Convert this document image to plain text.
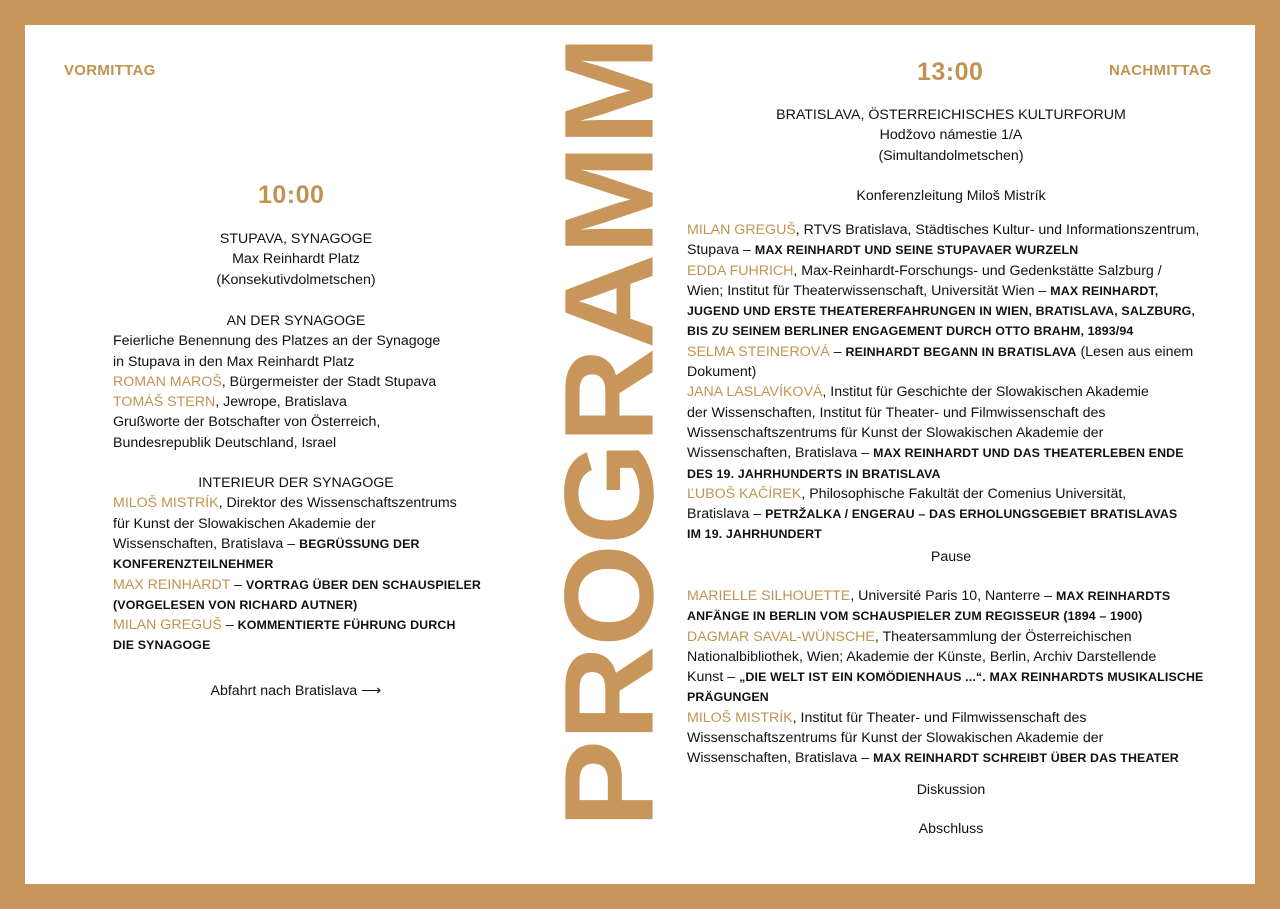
VORMITTAG
10:00
STUPAVA, SYNAGOGE
Max Reinhardt Platz
(Konsekutivdolmetschen)
AN DER SYNAGOGE
Feierliche Benennung des Platzes an der Synagoge
in Stupava in den Max Reinhardt Platz
ROMAN MAROŠ, Bürgermeister der Stadt Stupava
TOMÁŠ STERN, Jewrope, Bratislava
Grußworte der Botschafter von Österreich,
Bundesrepublik Deutschland, Israel
INTERIEUR DER SYNAGOGE
MILOŠ MISTRÍK, Direktor des Wissenschaftszentrums
für Kunst der Slowakischen Akademie der
Wissenschaften, Bratislava – BEGRÜSSUNG DER
KONFERENZTEILNEHMER
MAX REINHARDT – VORTRAG ÜBER DEN SCHAUSPIELER
(VORGELESEN VON RICHARD AUTNER)
MILAN GREGUŠ – KOMMENTIERTE FÜHRUNG DURCH
DIE SYNAGOGE
Abfahrt nach Bratislava ⟶	PROGRAMM	13:00	NACHMITTAG
BRATISLAVA, ÖSTERREICHISCHES KULTURFORUM
Hodžovo námestie 1/A
(Simultandolmetschen)
Konferenzleitung Miloš Mistrík
MILAN GREGUŠ, RTVS Bratislava, Städtisches Kultur- und Informationszentrum,
Stupava – MAX REINHARDT UND SEINE STUPAVAER WURZELN
EDDA FUHRICH, Max-Reinhardt-Forschungs- und Gedenkstätte Salzburg /
Wien; Institut für Theaterwissenschaft, Universität Wien – MAX REINHARDT,
JUGEND UND ERSTE THEATERERFAHRUNGEN IN WIEN, BRATISLAVA, SALZBURG,
BIS ZU SEINEM BERLINER ENGAGEMENT DURCH OTTO BRAHM, 1893/94
SELMA STEINEROVÁ – REINHARDT BEGANN IN BRATISLAVA (Lesen aus einem
Dokument)
JANA LASLAVÍKOVÁ, Institut für Geschichte der Slowakischen Akademie
der Wissenschaften, Institut für Theater- und Filmwissenschaft des
Wissenschaftszentrums für Kunst der Slowakischen Akademie der
Wissenschaften, Bratislava – MAX REINHARDT UND DAS THEATERLEBEN ENDE
DES 19. JAHRHUNDERTS IN BRATISLAVA
ĽUBOŠ KAČÍREK, Philosophische Fakultät der Comenius Universität,
Bratislava – PETRŽALKA / ENGERAU – DAS ERHOLUNGSGEBIET BRATISLAVAS
IM 19. JAHRHUNDERT
Pause
MARIELLE SILHOUETTE, Université Paris 10, Nanterre – MAX REINHARDTS
ANFÄNGE IN BERLIN VOM SCHAUSPIELER ZUM REGISSEUR (1894 – 1900)
DAGMAR SAVAL-WÜNSCHE, Theatersammlung der Österreichischen
Nationalbibliothek, Wien; Akademie der Künste, Berlin, Archiv Darstellende
Kunst – „DIE WELT IST EIN KOMÖDIENHAUS ...“. MAX REINHARDTS MUSIKALISCHE
PRÄGUNGEN
MILOŠ MISTRÍK, Institut für Theater- und Filmwissenschaft des
Wissenschaftszentrums für Kunst der Slowakischen Akademie der
Wissenschaften, Bratislava – MAX REINHARDT SCHREIBT ÜBER DAS THEATER
Diskussion
Abschluss
